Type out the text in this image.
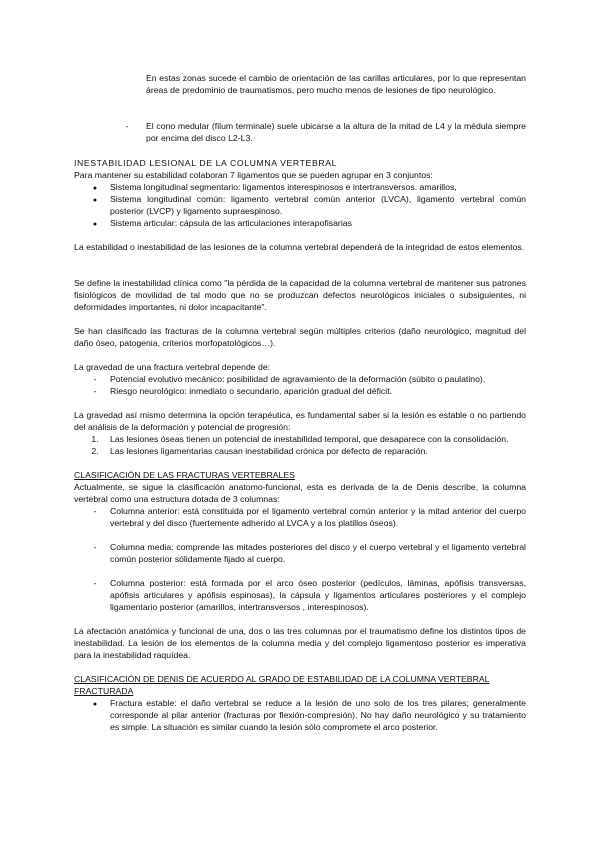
En estas zonas sucede el cambio de orientación de las carillas articulares, por lo que representan áreas de predominio de traumatismos, pero mucho menos de lesiones de tipo neurológico.

-	El cono medular (filum terminale) suele ubicarse a la altura de la mitad de L4 y la médula siempre por encima del disco L2-L3.
INESTABILIDAD LESIONAL DE LA COLUMNA VERTEBRAL
Para mantener su estabilidad colaboran 7 ligamentos que se pueden agrupar en 3 conjuntos:
●
Sistema longitudinal segmentario: ligamentos interespinosos e intertransversos. amarillos,
●
Sistema longitudinal común: ligamento vertebral común anterior (LVCA), ligamento vertebral común posterior (LVCP) y ligamento supraespinoso.
●
Sistema articular: cápsula de las articulaciones interapofisarias

La estabilidad o inestabilidad de las lesiones de la columna vertebral dependerá de la integridad de estos elementos.

Se define la inestabilidad clínica como "la pérdida de la capacidad de la columna vertebral de mantener sus patrones fisiológicos de movilidad de tal modo que no se produzcan defectos neurológicos iniciales o subsiguientes, ni deformidades importantes, ni dolor incapacitante".

Se han clasificado las fracturas de la columna vertebral según múltiples criterios (daño neurológico, magnitud del daño óseo, patogenia, criterios morfopatológicos…).

La gravedad de una fractura vertebral depende de:
-	Potencial evolutivo mecánico: posibilidad de agravamiento de la deformación (súbito o paulatino).
-	Riesgo neurológico: inmediato o secundario, aparición gradual del déficit.

La gravedad así mismo determina la opción terapéutica, es fundamental saber si la lesión es estable o no partiendo del análisis de la deformación y potencial de progresión:

1.	Las lesiones óseas tienen un potencial de inestabilidad temporal, que desaparece con la consolidación.
2.	Las lesiones ligamentarias causan inestabilidad crónica por defecto de reparación.
CLASIFICACIÓN DE LAS FRACTURAS VERTEBRALES

Actualmente, se sigue la clasificación anatomo-funcional, esta es derivada de la de Denis describe, la columna vertebral como una estructura dotada de 3 columnas:

-	Columna anterior: está constituida por el ligamento vertebral común anterior y la mitad anterior del cuerpo vertebral y del disco (fuertemente adherido al LVCA y a los platillos óseos).
-	Columna media: comprende las mitades posteriores del disco y el cuerpo vertebral y el ligamento vertebral común posterior sólidamente fijado al cuerpo.
-	Columna posterior: está formada por el arco óseo posterior (pedículos, láminas, apófisis transversas, apófisis articulares y apófisis espinosas), la cápsula y ligamentos articulares posteriores y el complejo ligamentario posterior (amarillos, intertransversos , interespinosos).

La afectación anatómica y funcional de una, dos o las tres columnas por el traumatismo define los distintos tipos de inestabilidad. La lesión de los elementos de la columna media y del complejo ligamentoso posterior es imperativa para la inestabilidad raquídea.

CLASIFICACIÓN DE DENIS DE ACUERDO AL GRADO DE ESTABILIDAD DE LA COLUMNA VERTEBRAL FRACTURADA
●
Fractura estable: el daño vertebral se reduce a la lesión de uno solo de los tres pilares; generalmente corresponde al pilar anterior (fracturas por flexión-compresión). No hay daño neurológico y su tratamiento es simple. La situación es similar cuando la lesión sólo compromete el arco posterior.
